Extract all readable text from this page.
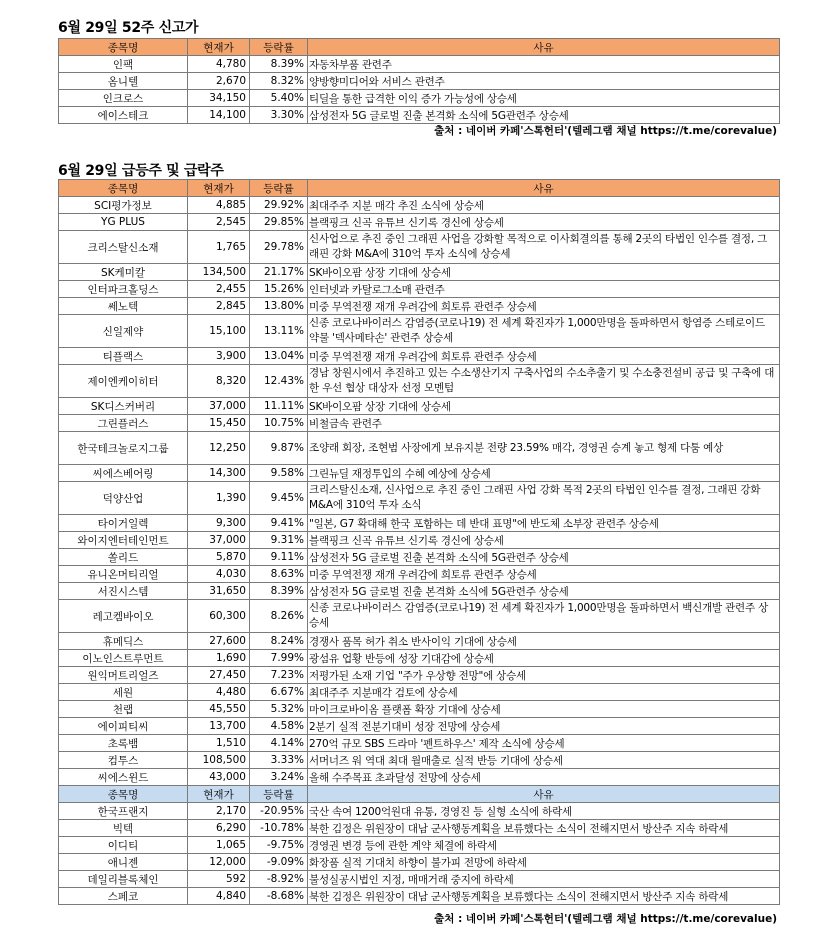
6월 29일 52주 신고가
종목명	현재가	등락률	사유
인팩	4,780	8.39%	자동차부품 관련주
옴니텔	2,670	8.32%	양방향미디어와 서비스 관련주
인크로스	34,150	5.40%	티딜을 통한 급격한 이익 증가 가능성에 상승세
에이스테크	14,100	3.30%	삼성전자 5G 글로벌 진출 본격화 소식에 5G관련주 상승세
출처 : 네이버 카페'스톡헌터'(텔레그램 채널 https://t.me/corevalue)
6월 29일 급등주 및 급락주
종목명	현재가	등락률	사유
SCI평가정보	4,885	29.92%	최대주주 지분 매각 추진 소식에 상승세
YG PLUS	2,545	29.85%	블랙핑크 신곡 유튜브 신기록 경신에 상승세
크리스탈신소재	1,765	29.78%	신사업으로 추진 중인 그래핀 사업을 강화할 목적으로 이사회결의를 통해 2곳의 타법인 인수를 결정, 그래핀 강화 M&A에 310억 투자 소식에 상승세
SK케미칼	134,500	21.17%	SK바이오팜 상장 기대에 상승세
인터파크홀딩스	2,455	15.26%	인터넷과 카탈로그소매 관련주
쎄노텍	2,845	13.80%	미중 무역전쟁 재개 우려감에 희토류 관련주 상승세
신일제약	15,100	13.11%	신종 코로나바이러스 감염증(코로나19) 전 세계 확진자가 1,000만명을 돌파하면서 항염증 스테로이드 약물 '덱사메타손' 관련주 상승세
티플랙스	3,900	13.04%	미중 무역전쟁 재개 우려감에 희토류 관련주 상승세
제이엔케이히터	8,320	12.43%	경남 창원시에서 추진하고 있는 수소생산기지 구축사업의 수소추출기 및 수소충전설비 공급 및 구축에 대한 우선 협상 대상자 선정 모멘텀
SK디스커버리	37,000	11.11%	SK바이오팜 상장 기대에 상승세
그린플러스	15,450	10.75%	비철금속 관련주
한국테크놀로지그룹	12,250	9.87%	조양래 회장, 조현범 사장에게 보유지분 전량 23.59% 매각, 경영권 승계 놓고 형제 다툼 예상
씨에스베어링	14,300	9.58%	그린뉴딜 재정투입의 수혜 예상에 상승세
덕양산업	1,390	9.45%	크리스탈신소재, 신사업으로 추진 중인 그래핀 사업 강화 목적 2곳의 타법인 인수를 결정, 그래핀 강화 M&A에 310억 투자 소식
타이거일렉	9,300	9.41%	"일본, G7 확대해 한국 포함하는 데 반대 표명"에 반도체 소부장 관련주 상승세
와이지엔터테인먼트	37,000	9.31%	블랙핑크 신곡 유튜브 신기록 경신에 상승세
쏠리드	5,870	9.11%	삼성전자 5G 글로벌 진출 본격화 소식에 5G관련주 상승세
유니온머티리얼	4,030	8.63%	미중 무역전쟁 재개 우려감에 희토류 관련주 상승세
서진시스템	31,650	8.39%	삼성전자 5G 글로벌 진출 본격화 소식에 5G관련주 상승세
레고켐바이오	60,300	8.26%	신종 코로나바이러스 감염증(코로나19) 전 세계 확진자가 1,000만명을 돌파하면서 백신개발 관련주 상승세
휴메딕스	27,600	8.24%	경쟁사 품목 허가 취소 반사이익 기대에 상승세
이노인스트루먼트	1,690	7.99%	광섬유 업황 반등에 성장 기대감에 상승세
원익머트리얼즈	27,450	7.23%	저평가된 소재 기업 "주가 우상향 전망"에 상승세
세원	4,480	6.67%	최대주주 지분매각 검토에 상승세
천랩	45,550	5.32%	마이크로바이옴 플랫폼 확장 기대에 상승세
에이피티씨	13,700	4.58%	2분기 실적 전분기대비 성장 전망에 상승세
초록뱀	1,510	4.14%	270억 규모 SBS 드라마 '펜트하우스' 제작 소식에 상승세
컴투스	108,500	3.33%	서머너즈 워 역대 최대 월매출로 실적 반등 기대에 상승세
씨에스윈드	43,000	3.24%	올해 수주목표 초과달성 전망에 상승세
종목명	현재가	등락률	사유
한국프랜지	2,170	-20.95%	국산 속여 1200억원대 유통, 경영진 등 실형 소식에 하락세
빅텍	6,290	-10.78%	북한 김정은 위원장이 대남 군사행동계획을 보류했다는 소식이 전해지면서 방산주 지속 하락세
이디티	1,065	-9.75%	경영권 변경 등에 관한 계약 체결에 하락세
애니젠	12,000	-9.09%	화장품 실적 기대치 하향이 불가피 전망에 하락세
데일리블록체인	592	-8.92%	불성실공시법인 지정, 매매거래 중지에 하락세
스페코	4,840	-8.68%	북한 김정은 위원장이 대남 군사행동계획을 보류했다는 소식이 전해지면서 방산주 지속 하락세
출처 : 네이버 카페'스톡헌터'(텔레그램 채널 https://t.me/corevalue)
